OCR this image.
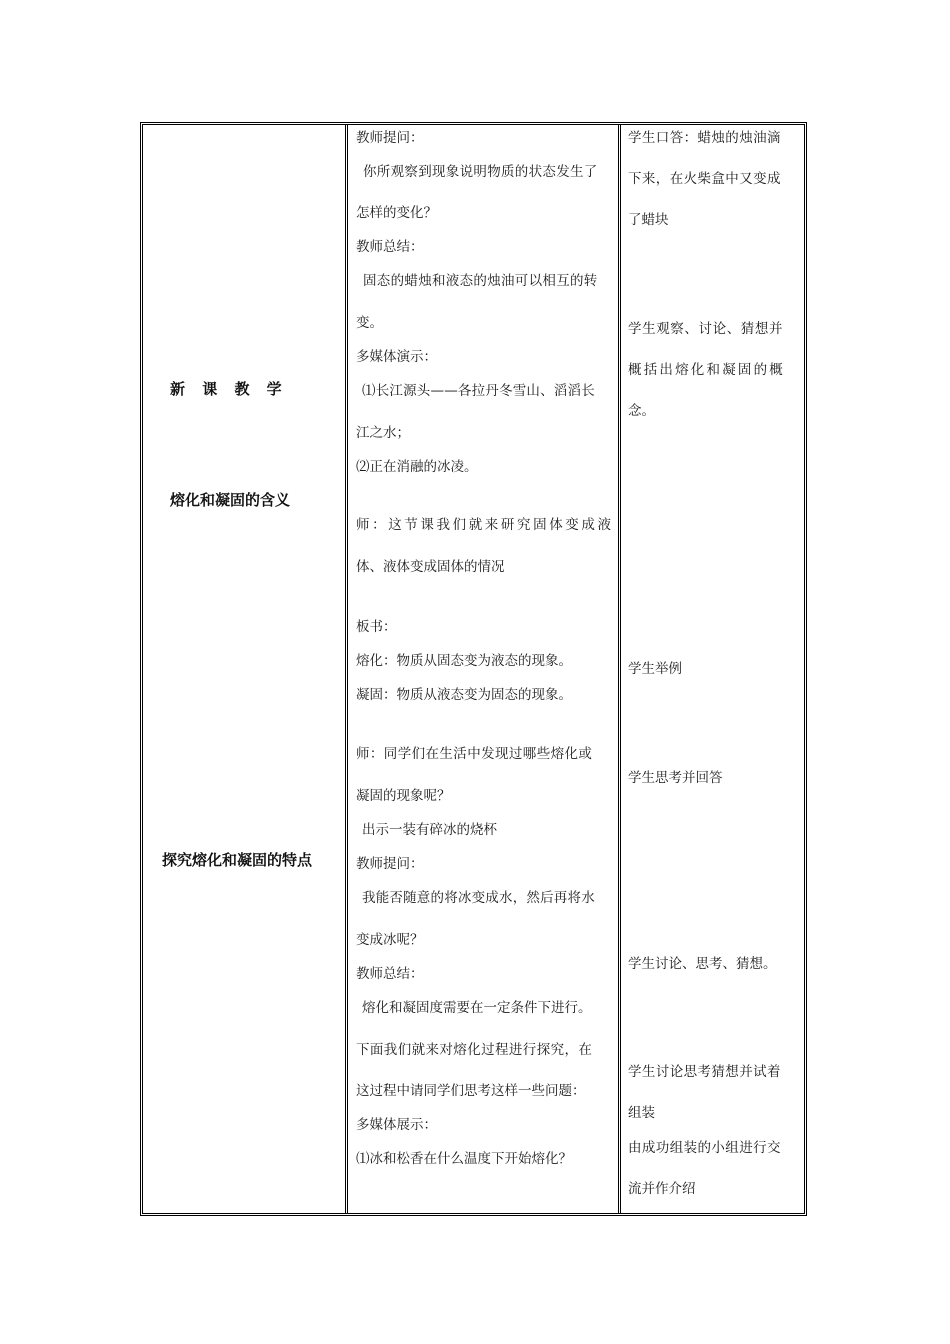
新 课 教 学
熔化和凝固的含义
探究熔化和凝固的特点
教师提问：
你所观察到现象说明物质的状态发生了
怎样的变化？
教师总结：
固态的蜡烛和液态的烛油可以相互的转
变。
多媒体演示：
⑴长江源头——各拉丹冬雪山、滔滔长
江之水；
⑵正在消融的冰凌。
师：这节课我们就来研究固体变成液
体、液体变成固体的情况
板书：
熔化：物质从固态变为液态的现象。
凝固：物质从液态变为固态的现象。
师：同学们在生活中发现过哪些熔化或
凝固的现象呢？
出示一装有碎冰的烧杯
教师提问：
我能否随意的将冰变成水，然后再将水
变成冰呢？
教师总结：
熔化和凝固度需要在一定条件下进行。
下面我们就来对熔化过程进行探究，在
这过程中请同学们思考这样一些问题：
多媒体展示：
⑴冰和松香在什么温度下开始熔化？
学生口答：蜡烛的烛油滴
下来，在火柴盒中又变成
了蜡块
学生观察、讨论、猜想并
概括出熔化和凝固的概
念。
学生举例
学生思考并回答
学生讨论、思考、猜想。
学生讨论思考猜想并试着
组装
由成功组装的小组进行交
流并作介绍
